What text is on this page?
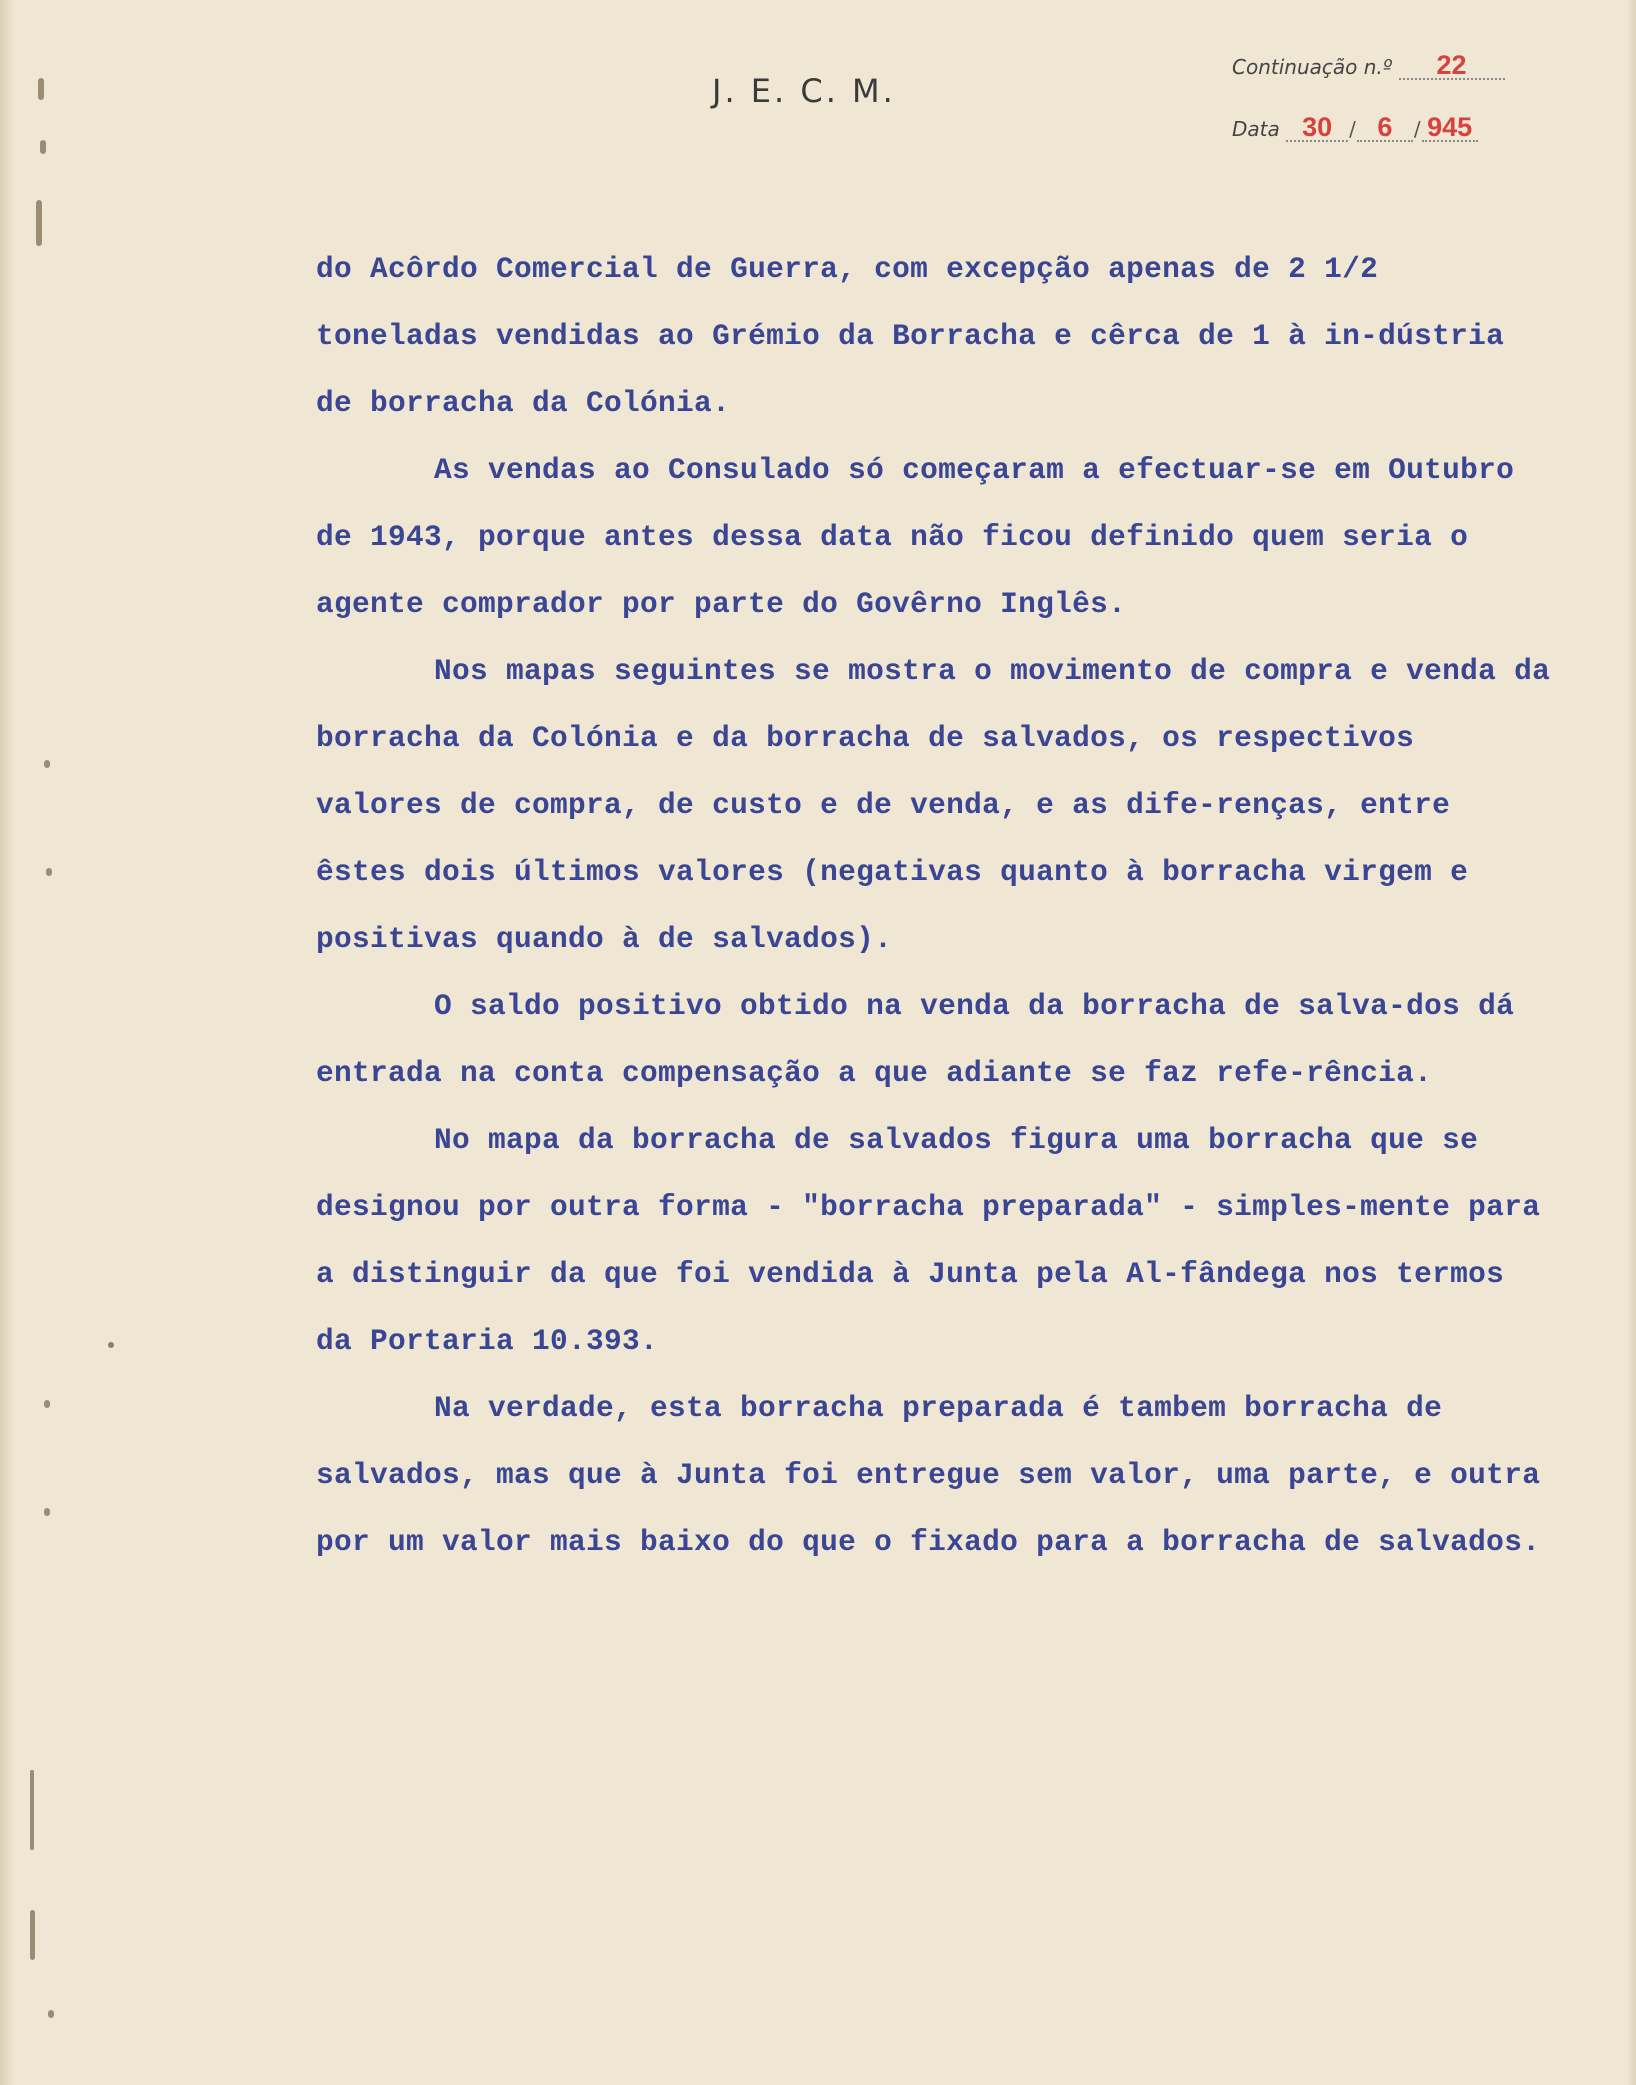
J. E. C. M.
Continuação n.º 22
Data 30 / 6 / 945

do Acôrdo Comercial de Guerra, com excepção apenas de 2 1/2 toneladas vendidas ao Grémio da Borracha e cêrca de 1 à in-dústria de borracha da Colónia.

As vendas ao Consulado só começaram a efectuar-se em Outubro de 1943, porque antes dessa data não ficou definido quem seria o agente comprador por parte do Govêrno Inglês.

Nos mapas seguintes se mostra o movimento de compra e venda da borracha da Colónia e da borracha de salvados, os respectivos valores de compra, de custo e de venda, e as dife-renças, entre êstes dois últimos valores (negativas quanto à borracha virgem e positivas quando à de salvados).

O saldo positivo obtido na venda da borracha de salva-dos dá entrada na conta compensação a que adiante se faz refe-rência.

No mapa da borracha de salvados figura uma borracha que se designou por outra forma - "borracha preparada" - simples-mente para a distinguir da que foi vendida à Junta pela Al-fândega nos termos da Portaria 10.393.

Na verdade, esta borracha preparada é tambem borracha de salvados, mas que à Junta foi entregue sem valor, uma parte, e outra por um valor mais baixo do que o fixado para a borracha de salvados.
